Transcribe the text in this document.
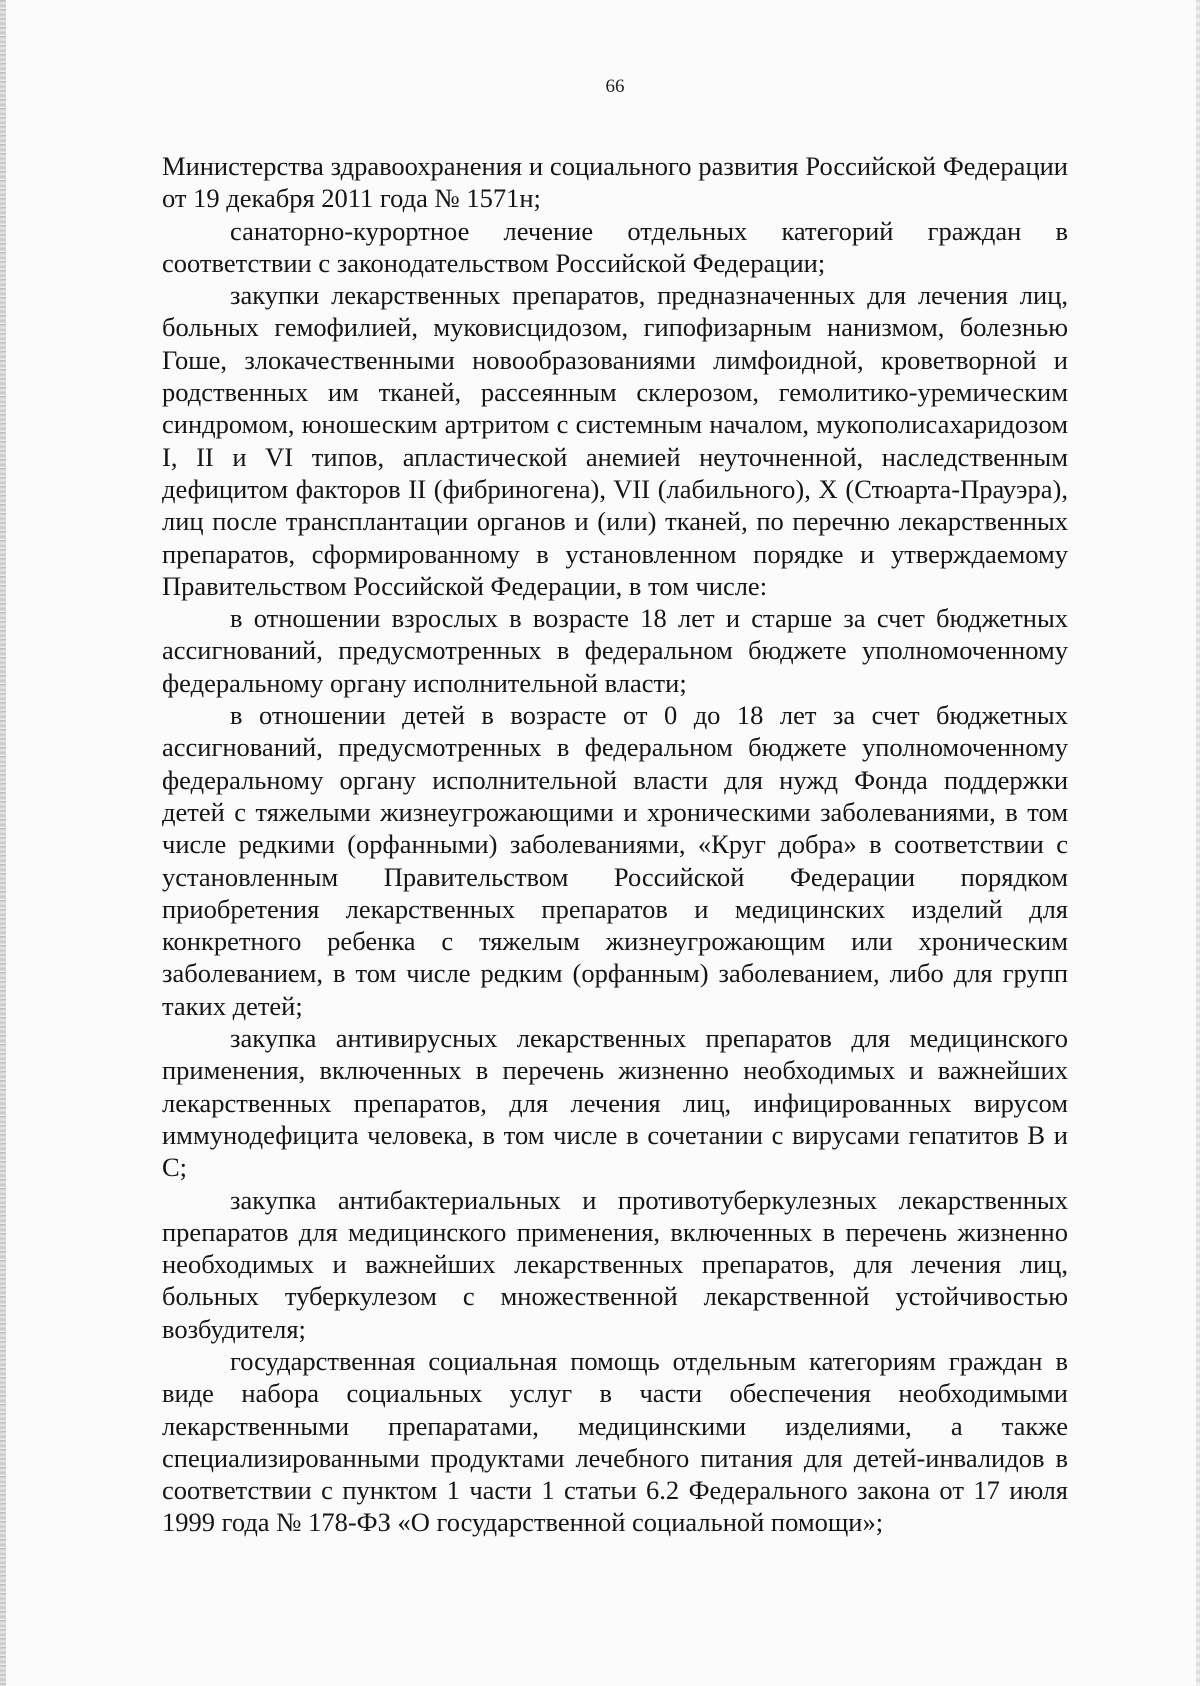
66

Министерства здравоохранения и социального развития Российской Федерации от 19 декабря 2011 года № 1571н;

санаторно-курортное лечение отдельных категорий граждан в соответствии с законодательством Российской Федерации;

закупки лекарственных препаратов, предназначенных для лечения лиц, больных гемофилией, муковисцидозом, гипофизарным нанизмом, болезнью Гоше, злокачественными новообразованиями лимфоидной, кроветворной и родственных им тканей, рассеянным склерозом, гемолитико-уремическим синдромом, юношеским артритом с системным началом, мукополисахаридозом I, II и VI типов, апластической анемией неуточненной, наследственным дефицитом факторов II (фибриногена), VII (лабильного), X (Стюарта-Прауэра), лиц после трансплантации органов и (или) тканей, по перечню лекарственных препаратов, сформированному в установленном порядке и утверждаемому Правительством Российской Федерации, в том числе:

в отношении взрослых в возрасте 18 лет и старше за счет бюджетных ассигнований, предусмотренных в федеральном бюджете уполномоченному федеральному органу исполнительной власти;

в отношении детей в возрасте от 0 до 18 лет за счет бюджетных ассигнований, предусмотренных в федеральном бюджете уполномоченному федеральному органу исполнительной власти для нужд Фонда поддержки детей с тяжелыми жизнеугрожающими и хроническими заболеваниями, в том числе редкими (орфанными) заболеваниями, «Круг добра» в соответствии с установленным Правительством Российской Федерации порядком приобретения лекарственных препаратов и медицинских изделий для конкретного ребенка с тяжелым жизнеугрожающим или хроническим заболеванием, в том числе редким (орфанным) заболеванием, либо для групп таких детей;

закупка антивирусных лекарственных препаратов для медицинского применения, включенных в перечень жизненно необходимых и важнейших лекарственных препаратов, для лечения лиц, инфицированных вирусом иммунодефицита человека, в том числе в сочетании с вирусами гепатитов B и C;

закупка антибактериальных и противотуберкулезных лекарственных препаратов для медицинского применения, включенных в перечень жизненно необходимых и важнейших лекарственных препаратов, для лечения лиц, больных туберкулезом с множественной лекарственной устойчивостью возбудителя;

государственная социальная помощь отдельным категориям граждан в виде набора социальных услуг в части обеспечения необходимыми лекарственными препаратами, медицинскими изделиями, а также специализированными продуктами лечебного питания для детей-инвалидов в соответствии с пунктом 1 части 1 статьи 6.2 Федерального закона от 17 июля 1999 года № 178-ФЗ «О государственной социальной помощи»;
